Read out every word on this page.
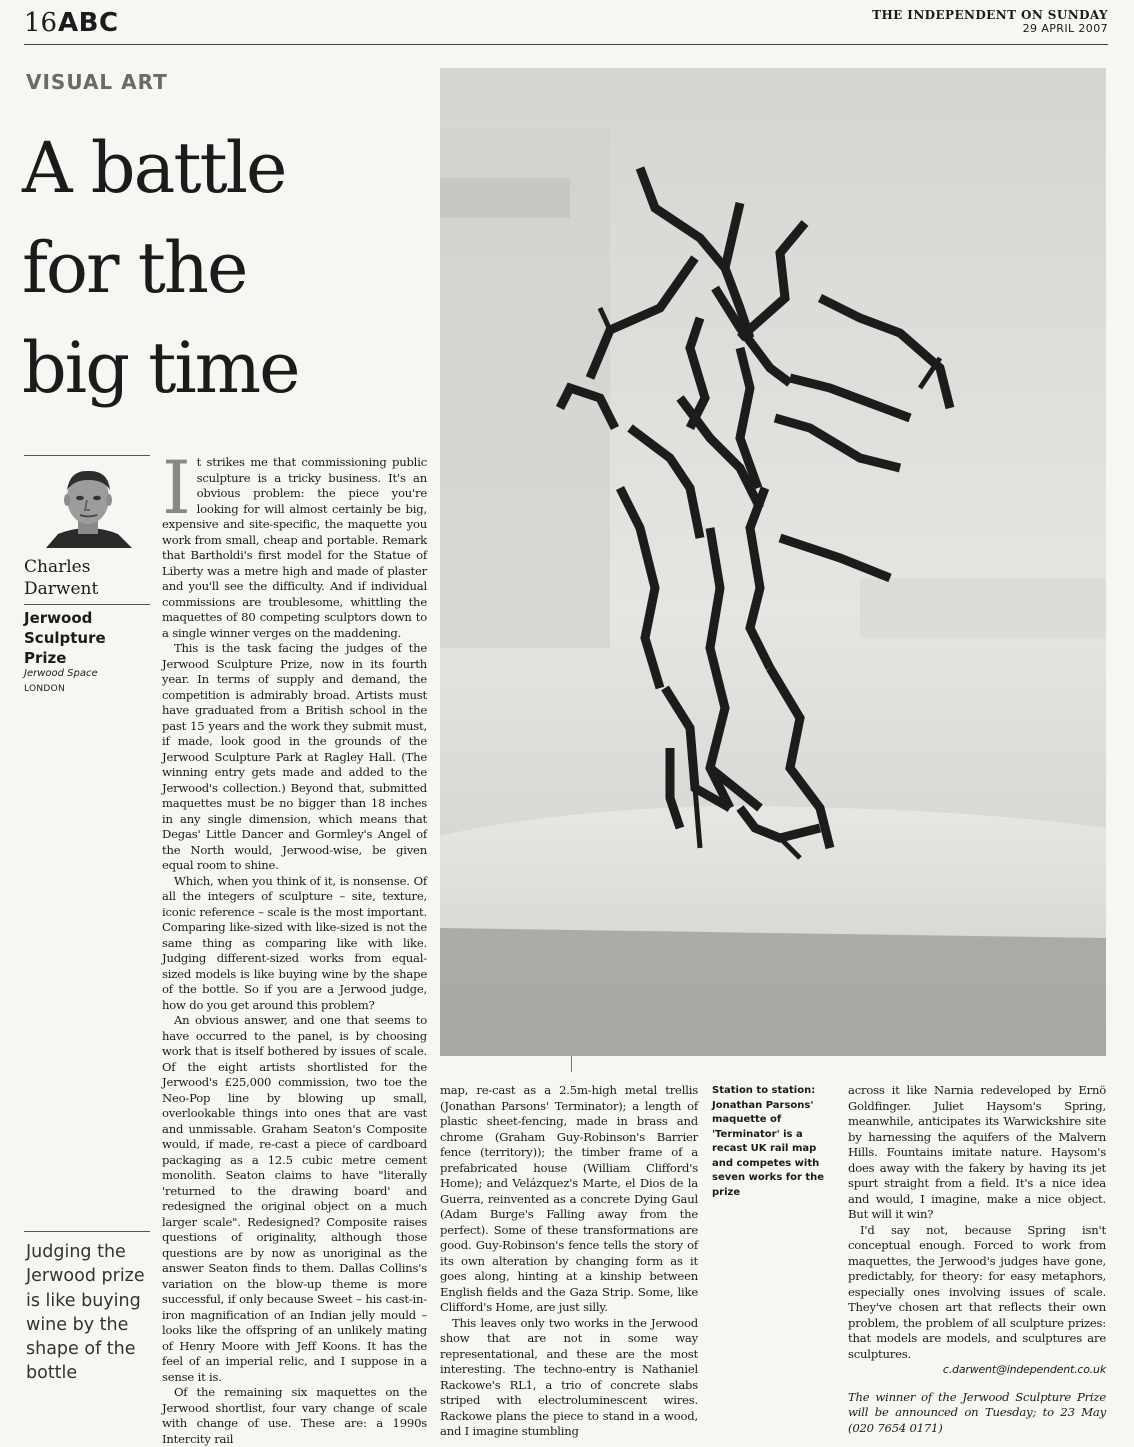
16 ABC	THE INDEPENDENT ON SUNDAY
29 APRIL 2007
VISUAL ART
A battle
for the
big time
Charles
Darwent
Jerwood
Sculpture
Prize
Jerwood Space
LONDON

It strikes me that commissioning public sculpture is a tricky business. It's an obvious problem: the piece you're looking for will almost certainly be big, expensive and site-specific, the maquette you work from small, cheap and portable. Remark that Bartholdi's first model for the Statue of Liberty was a metre high and made of plaster and you'll see the difficulty. And if individual commissions are troublesome, whittling the maquettes of 80 competing sculptors down to a single winner verges on the maddening.

This is the task facing the judges of the Jerwood Sculpture Prize, now in its fourth year. In terms of supply and demand, the competition is admirably broad. Artists must have graduated from a British school in the past 15 years and the work they submit must, if made, look good in the grounds of the Jerwood Sculpture Park at Ragley Hall. (The winning entry gets made and added to the Jerwood's collection.) Beyond that, submitted maquettes must be no bigger than 18 inches in any single dimension, which means that Degas' Little Dancer and Gormley's Angel of the North would, Jerwood-wise, be given equal room to shine.

Which, when you think of it, is nonsense. Of all the integers of sculpture – site, texture, iconic reference – scale is the most important. Comparing like-sized with like-sized is not the same thing as comparing like with like. Judging different-sized works from equal-sized models is like buying wine by the shape of the bottle. So if you are a Jerwood judge, how do you get around this problem?

An obvious answer, and one that seems to have occurred to the panel, is by choosing work that is itself bothered by issues of scale. Of the eight artists shortlisted for the Jerwood's £25,000 commission, two toe the Neo-Pop line by blowing up small, overlookable things into ones that are vast and unmissable. Graham Seaton's Composite would, if made, re-cast a piece of cardboard packaging as a 12.5 cubic metre cement monolith. Seaton claims to have "literally 'returned to the drawing board' and redesigned the original object on a much larger scale". Redesigned? Composite raises questions of originality, although those questions are by now as unoriginal as the answer Seaton finds to them. Dallas Collins's variation on the blow-up theme is more successful, if only because Sweet – his cast-in-iron magnification of an Indian jelly mould – looks like the offspring of an unlikely mating of Henry Moore with Jeff Koons. It has the feel of an imperial relic, and I suppose in a sense it is.

Of the remaining six maquettes on the Jerwood shortlist, four vary change of scale with change of use. These are: a 1990s Intercity rail

Judging the Jerwood prize is like buying wine by the shape of the bottle

map, re-cast as a 2.5m-high metal trellis (Jonathan Parsons' Terminator); a length of plastic sheet-fencing, made in brass and chrome (Graham Guy-Robinson's Barrier fence (territory)); the timber frame of a prefabricated house (William Clifford's Home); and Velázquez's Marte, el Dios de la Guerra, reinvented as a concrete Dying Gaul (Adam Burge's Falling away from the perfect). Some of these transformations are good. Guy-Robinson's fence tells the story of its own alteration by changing form as it goes along, hinting at a kinship between English fields and the Gaza Strip. Some, like Clifford's Home, are just silly.

This leaves only two works in the Jerwood show that are not in some way representational, and these are the most interesting. The techno-entry is Nathaniel Rackowe's RL1, a trio of concrete slabs striped with electroluminescent wires. Rackowe plans the piece to stand in a wood, and I imagine stumbling

Station to station: Jonathan Parsons' maquette of 'Terminator' is a recast UK rail map and competes with seven works for the prize

across it like Narnia redeveloped by Ernö Goldfinger. Juliet Haysom's Spring, meanwhile, anticipates its Warwickshire site by harnessing the aquifers of the Malvern Hills. Fountains imitate nature. Haysom's does away with the fakery by having its jet spurt straight from a field. It's a nice idea and would, I imagine, make a nice object. But will it win?

I'd say not, because Spring isn't conceptual enough. Forced to work from maquettes, the Jerwood's judges have gone, predictably, for theory: for easy metaphors, especially ones involving issues of scale. They've chosen art that reflects their own problem, the problem of all sculpture prizes: that models are models, and sculptures are sculptures.

c.darwent@independent.co.uk

The winner of the Jerwood Sculpture Prize will be announced on Tuesday; to 23 May (020 7654 0171)
